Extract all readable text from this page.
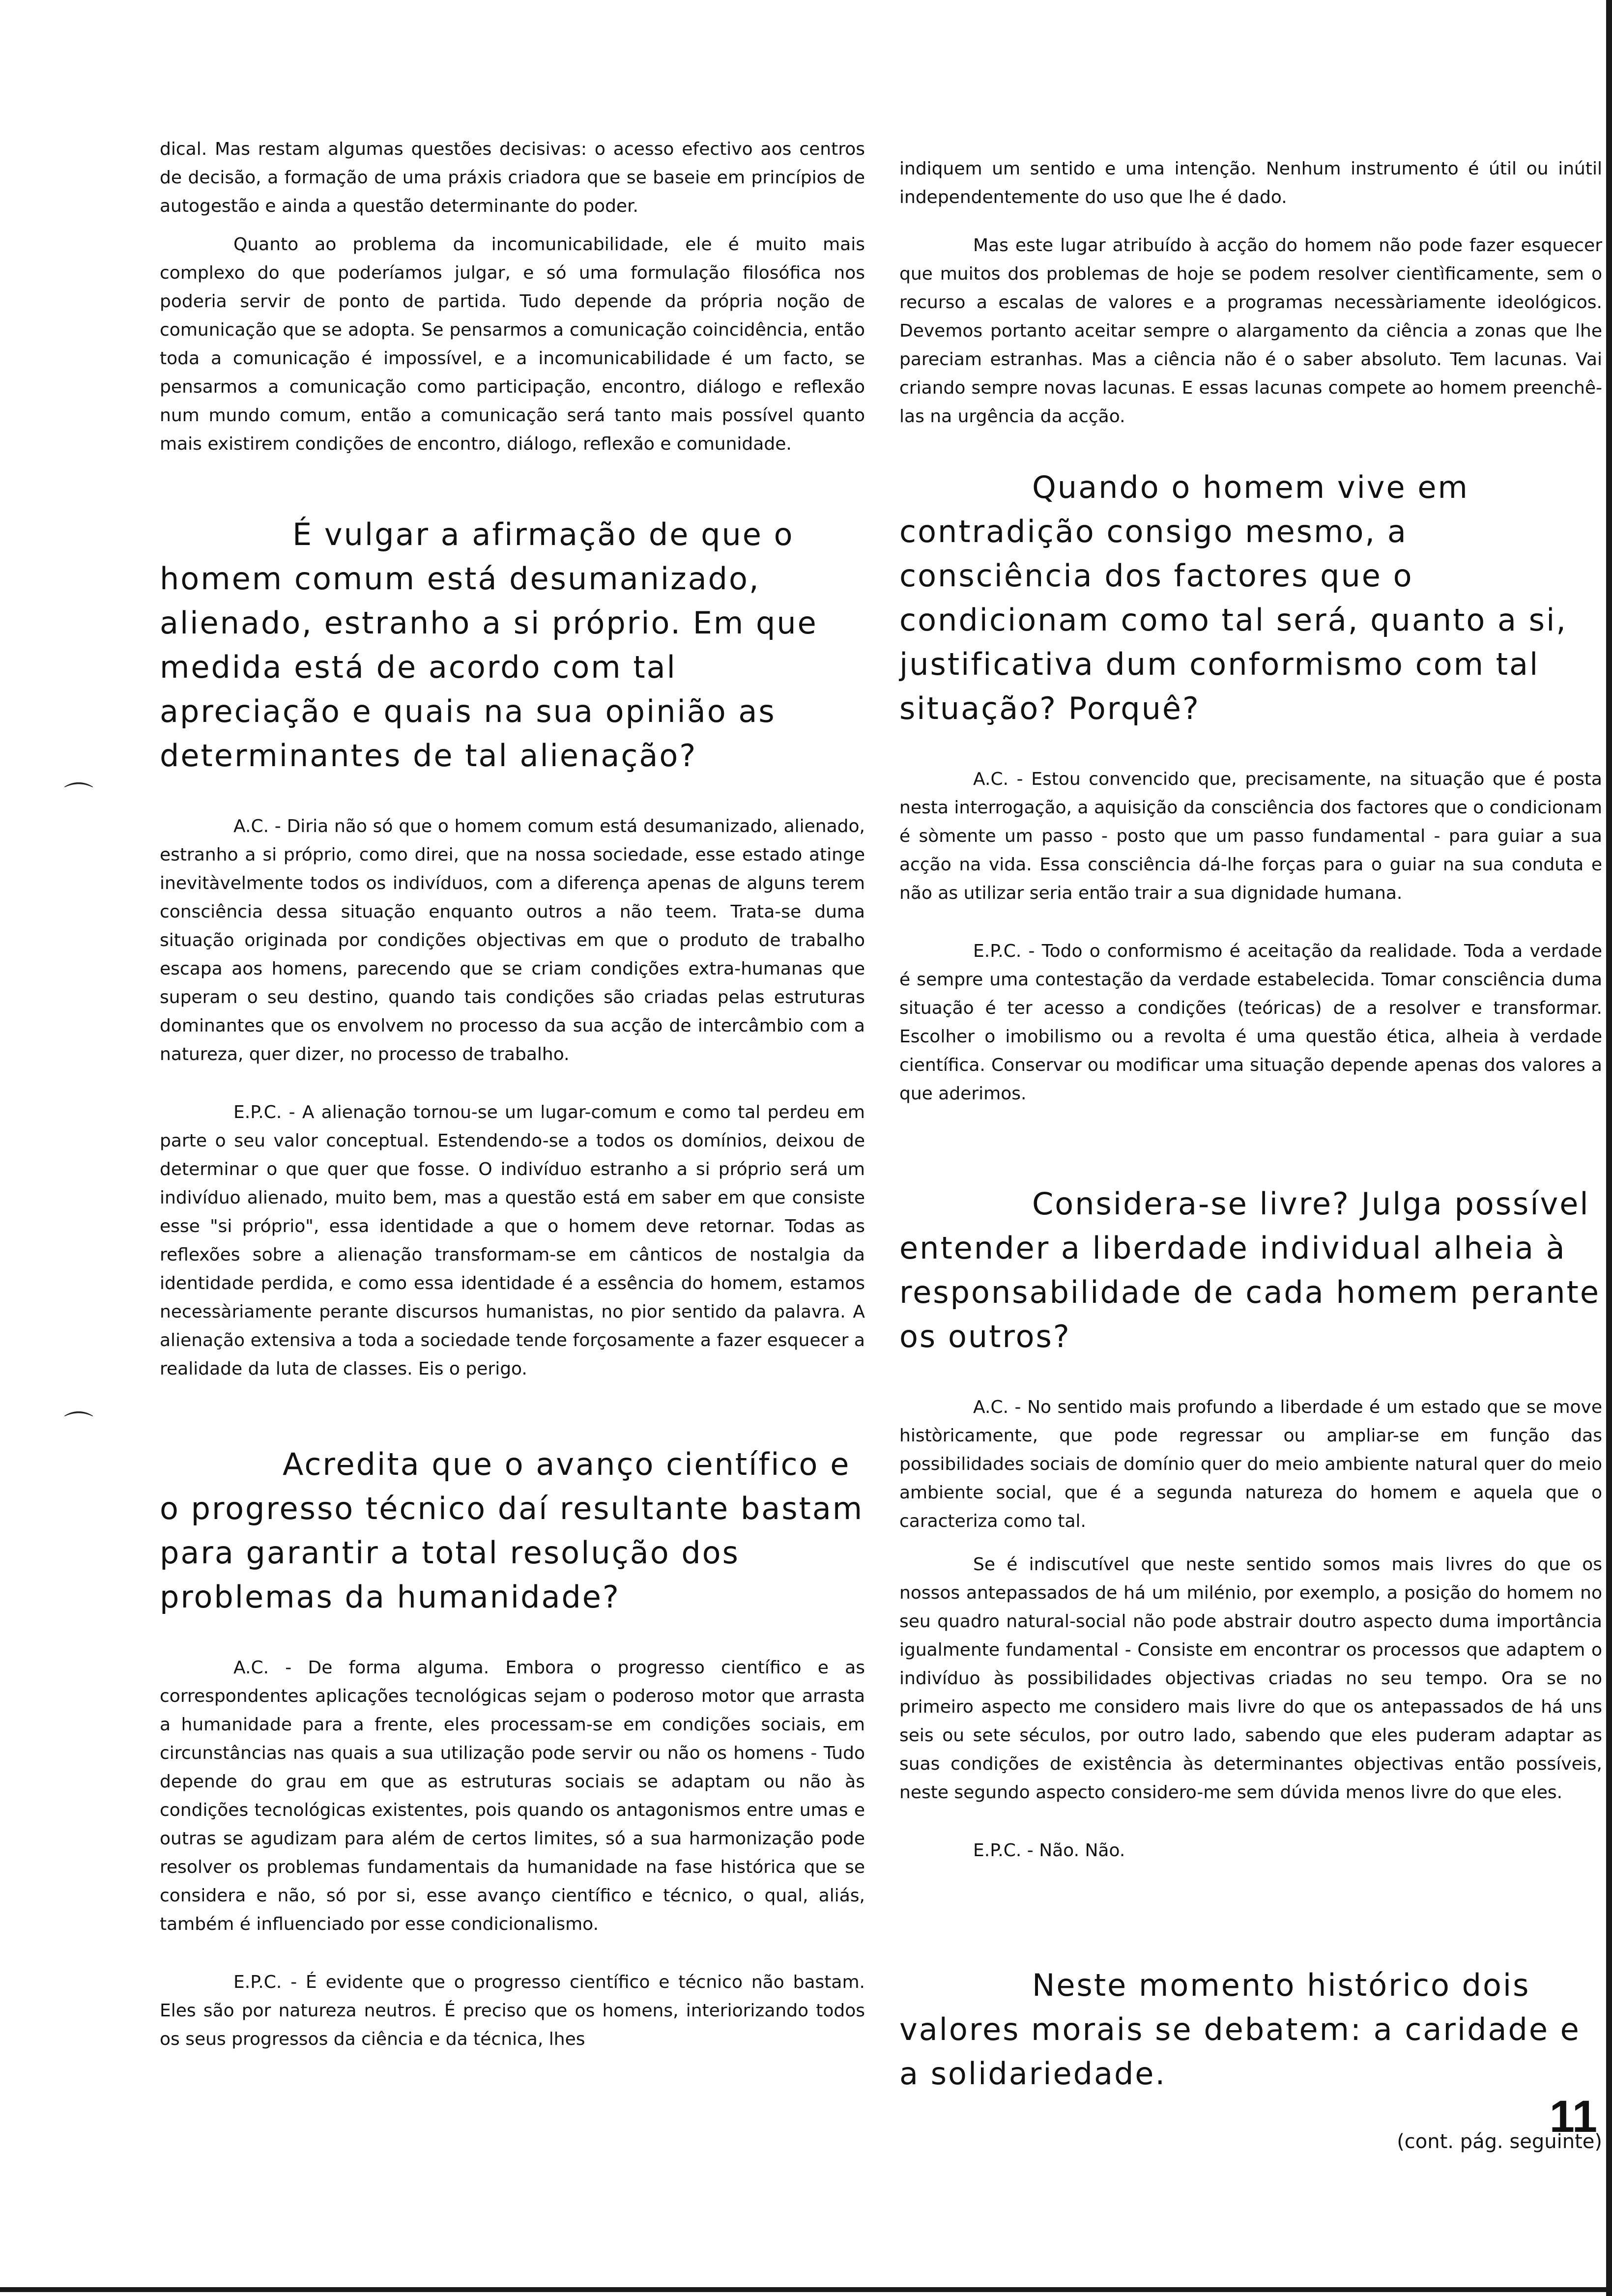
⌒
⌒

dical. Mas restam algumas questões decisivas: o acesso efectivo aos centros de decisão, a formação de uma práxis criadora que se baseie em princípios de autogestão e ainda a questão determinante do poder.

Quanto ao problema da incomunicabilidade, ele é muito mais complexo do que poderíamos julgar, e só uma formulação filosófica nos poderia servir de ponto de partida. Tudo depende da própria noção de comunicação que se adopta. Se pensarmos a comunicação coincidência, então toda a comunicação é impossível, e a incomunicabilidade é um facto, se pensarmos a comunicação como participação, encontro, diálogo e reflexão num mundo comum, então a comunicação será tanto mais possível quanto mais existirem condições de encontro, diálogo, reflexão e comunidade.

É vulgar a afirmação de que o homem comum está desumanizado, alienado, estranho a si próprio. Em que medida está de acordo com tal apreciação e quais na sua opinião as determinantes de tal alienação?

A.C. - Diria não só que o homem comum está desumanizado, alienado, estranho a si próprio, como direi, que na nossa sociedade, esse estado atinge inevitàvelmente todos os indivíduos, com a diferença apenas de alguns terem consciência dessa situação enquanto outros a não teem. Trata-se duma situação originada por condições objectivas em que o produto de trabalho escapa aos homens, parecendo que se criam condições extra-humanas que superam o seu destino, quando tais condições são criadas pelas estruturas dominantes que os envolvem no processo da sua acção de intercâmbio com a natureza, quer dizer, no processo de trabalho.

E.P.C. - A alienação tornou-se um lugar-comum e como tal perdeu em parte o seu valor conceptual. Estendendo-se a todos os domínios, deixou de determinar o que quer que fosse. O indivíduo estranho a si próprio será um indivíduo alienado, muito bem, mas a questão está em saber em que consiste esse "si próprio", essa identidade a que o homem deve retornar. Todas as reflexões sobre a alienação transformam-se em cânticos de nostalgia da identidade perdida, e como essa identidade é a essência do homem, estamos necessàriamente perante discursos humanistas, no pior sentido da palavra. A alienação extensiva a toda a sociedade tende forçosamente a fazer esquecer a realidade da luta de classes. Eis o perigo.

Acredita que o avanço científico e o progresso técnico daí resultante bastam para garantir a total resolução dos problemas da humanidade?

A.C. - De forma alguma. Embora o progresso científico e as correspondentes aplicações tecnológicas sejam o poderoso motor que arrasta a humanidade para a frente, eles processam-se em condições sociais, em circunstâncias nas quais a sua utilização pode servir ou não os homens - Tudo depende do grau em que as estruturas sociais se adaptam ou não às condições tecnológicas existentes, pois quando os antagonismos entre umas e outras se agudizam para além de certos limites, só a sua harmonização pode resolver os problemas fundamentais da humanidade na fase histórica que se considera e não, só por si, esse avanço científico e técnico, o qual, aliás, também é influenciado por esse condicionalismo.

E.P.C. - É evidente que o progresso científico e técnico não bastam. Eles são por natureza neutros. É preciso que os homens, interiorizando todos os seus progressos da ciência e da técnica, lhes

indiquem um sentido e uma intenção. Nenhum instrumento é útil ou inútil independentemente do uso que lhe é dado.

Mas este lugar atribuído à acção do homem não pode fazer esquecer que muitos dos problemas de hoje se podem resolver cientìficamente, sem o recurso a escalas de valores e a programas necessàriamente ideológicos. Devemos portanto aceitar sempre o alargamento da ciência a zonas que lhe pareciam estranhas. Mas a ciência não é o saber absoluto. Tem lacunas. Vai criando sempre novas lacunas. E essas lacunas compete ao homem preenchê-las na urgência da acção.

Quando o homem vive em contradição consigo mesmo, a consciência dos factores que o condicionam como tal será, quanto a si, justificativa dum conformismo com tal situação? Porquê?

A.C. - Estou convencido que, precisamente, na situação que é posta nesta interrogação, a aquisição da consciência dos factores que o condicionam é sòmente um passo - posto que um passo fundamental - para guiar a sua acção na vida. Essa consciência dá-lhe forças para o guiar na sua conduta e não as utilizar seria então trair a sua dignidade humana.

E.P.C. - Todo o conformismo é aceitação da realidade. Toda a verdade é sempre uma contestação da verdade estabelecida. Tomar consciência duma situação é ter acesso a condições (teóricas) de a resolver e transformar. Escolher o imobilismo ou a revolta é uma questão ética, alheia à verdade científica. Conservar ou modificar uma situação depende apenas dos valores a que aderimos.

Considera-se livre? Julga possível entender a liberdade individual alheia à responsabilidade de cada homem perante os outros?

A.C. - No sentido mais profundo a liberdade é um estado que se move històricamente, que pode regressar ou ampliar-se em função das possibilidades sociais de domínio quer do meio ambiente natural quer do meio ambiente social, que é a segunda natureza do homem e aquela que o caracteriza como tal.

Se é indiscutível que neste sentido somos mais livres do que os nossos antepassados de há um milénio, por exemplo, a posição do homem no seu quadro natural-social não pode abstrair doutro aspecto duma importância igualmente fundamental - Consiste em encontrar os processos que adaptem o indivíduo às possibilidades objectivas criadas no seu tempo. Ora se no primeiro aspecto me considero mais livre do que os antepassados de há uns seis ou sete séculos, por outro lado, sabendo que eles puderam adaptar as suas condições de existência às determinantes objectivas então possíveis, neste segundo aspecto considero-me sem dúvida menos livre do que eles.

E.P.C. - Não. Não.

Neste momento histórico dois valores morais se debatem: a caridade e a solidariedade.

(cont. pág. seguinte)

11
